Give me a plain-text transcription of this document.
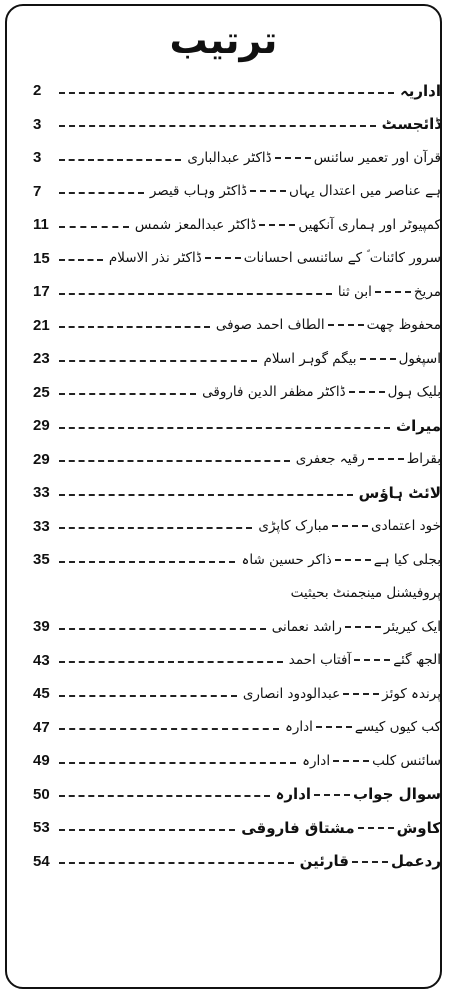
ترتیب
اداریہ
2
ڈائجسٹ
3
قرآن اور تعمیر سائنسڈاکٹر عبدالباری
3
ہے عناصر میں اعتدال یہاںڈاکٹر وہاب قیصر
7
کمپیوٹر اور ہماری آنکھیںڈاکٹر عبدالمعز شمس
11
سرور کائنات ؐ کے سائنسی احساناتڈاکٹر نذر الاسلام
15
مریخابن ثنا
17
محفوظ چھتالطاف احمد صوفی
21
اسپغولبیگم گوہر اسلام
23
بلیک ہولڈاکٹر مظفر الدین فاروقی
25
میراث
29
بقراطرقیہ جعفری
29
لائٹ ہاؤس
33
خود اعتمادیمبارک کاپڑی
33
بجلی کیا ہےذاکر حسین شاہ
35
پروفیشنل مینجمنٹ بحیثیت
ایک کیریئرراشد نعمانی
39
الجھ گئےآفتاب احمد
43
پرندہ کوئزعبدالودود انصاری
45
کب کیوں کیسےادارہ
47
سائنس کلبادارہ
49
سوال جوابادارہ
50
کاوشمشتاق فاروقی
53
ردعملقارئین
54
